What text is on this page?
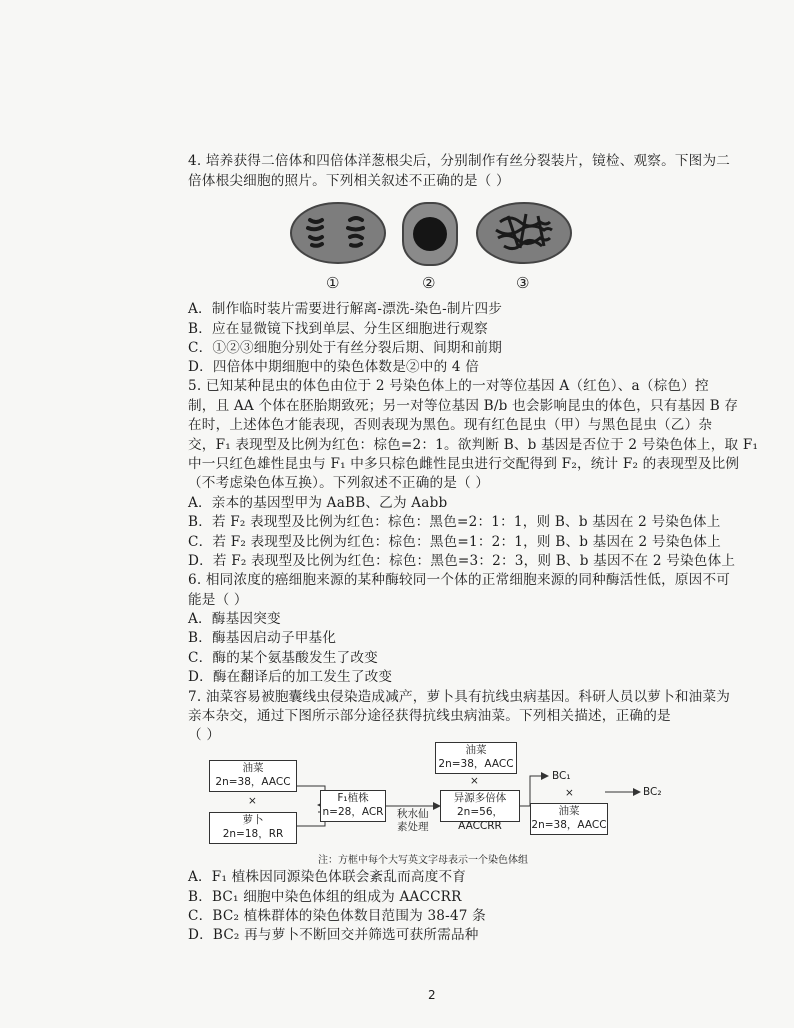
4. 培养获得二倍体和四倍体洋葱根尖后，分别制作有丝分裂装片，镜检、观察。下图为二
倍体根尖细胞的照片。下列相关叙述不正确的是（ ）
①	②	③
A．制作临时装片需要进行解离-漂洗-染色-制片四步
B．应在显微镜下找到单层、分生区细胞进行观察
C．①②③细胞分别处于有丝分裂后期、间期和前期
D．四倍体中期细胞中的染色体数是②中的 4 倍
5. 已知某种昆虫的体色由位于 2 号染色体上的一对等位基因 A（红色）、a（棕色）控
制，且 AA 个体在胚胎期致死；另一对等位基因 B/b 也会影响昆虫的体色，只有基因 B 存
在时，上述体色才能表现，否则表现为黑色。现有红色昆虫（甲）与黑色昆虫（乙）杂
交，F₁ 表现型及比例为红色：棕色=2：1。欲判断 B、b 基因是否位于 2 号染色体上，取 F₁
中一只红色雄性昆虫与 F₁ 中多只棕色雌性昆虫进行交配得到 F₂，统计 F₂ 的表现型及比例
（不考虑染色体互换）。下列叙述不正确的是（ ）
A．亲本的基因型甲为 AaBB、乙为 Aabb
B．若 F₂ 表现型及比例为红色：棕色：黑色=2：1：1，则 B、b 基因在 2 号染色体上
C．若 F₂ 表现型及比例为红色：棕色：黑色=1：2：1，则 B、b 基因在 2 号染色体上
D．若 F₂ 表现型及比例为红色：棕色：黑色=3：2：3，则 B、b 基因不在 2 号染色体上
6. 相同浓度的癌细胞来源的某种酶较同一个体的正常细胞来源的同种酶活性低，原因不可
能是（ ）
A．酶基因突变
B．酶基因启动子甲基化
C．酶的某个氨基酸发生了改变
D．酶在翻译后的加工发生了改变
7. 油菜容易被胞囊线虫侵染造成减产，萝卜具有抗线虫病基因。科研人员以萝卜和油菜为
亲本杂交，通过下图所示部分途径获得抗线虫病油菜。下列相关描述，正确的是
（ ）
油菜
2n=38，AACC
×
油菜
2n=38，AACC
×
萝卜
2n=18，RR
F₁植株
n=28，ACR 秋水仙
素处理
异源多倍体
2n=56，AACCRR
BC₁
×	BC₂
油菜
2n=38，AACC
注：方框中每个大写英文字母表示一个染色体组
A．F₁ 植株因同源染色体联会紊乱而高度不育
B．BC₁ 细胞中染色体组的组成为 AACCRR
C．BC₂ 植株群体的染色体数目范围为 38-47 条
D．BC₂ 再与萝卜不断回交并筛选可获所需品种
2
